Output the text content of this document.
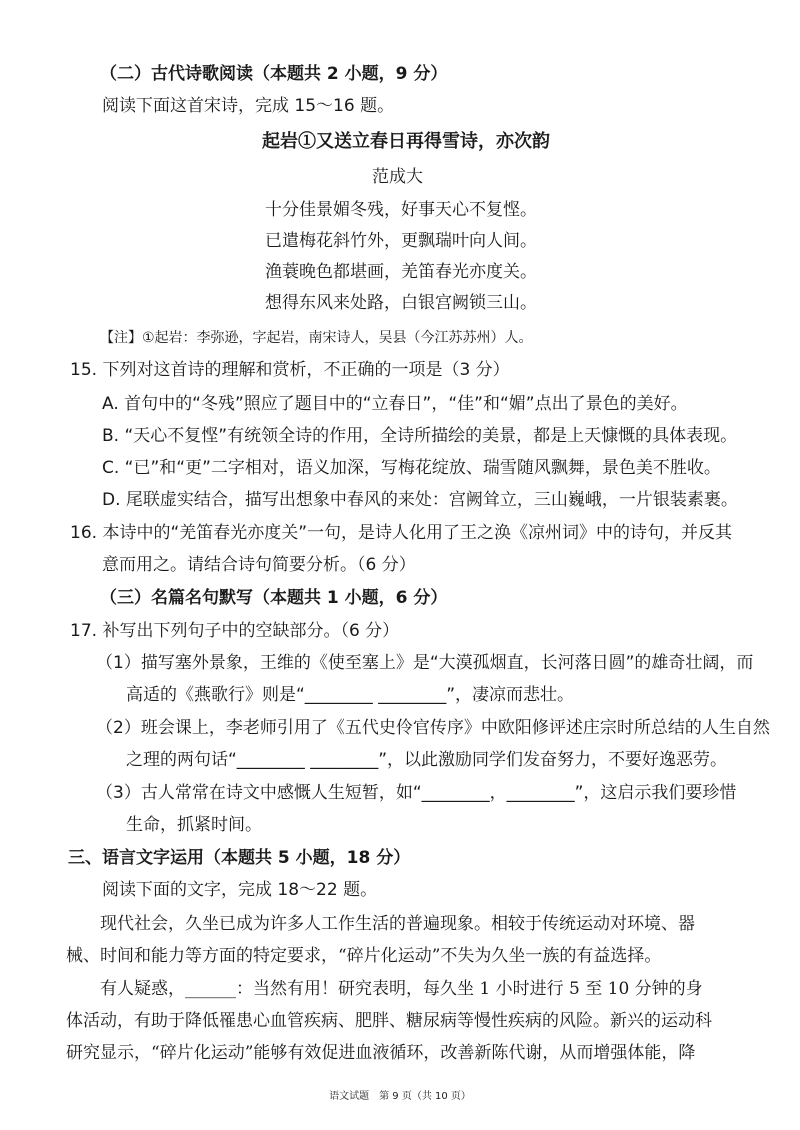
（二）古代诗歌阅读（本题共 2 小题，9 分）
阅读下面这首宋诗，完成 15～16 题。
起岩①又送立春日再得雪诗，亦次韵
范成大
十分佳景媚冬残，好事天心不复悭。
已遣梅花斜竹外，更飘瑞叶向人间。
渔蓑晚色都堪画，羌笛春光亦度关。
想得东风来处路，白银宫阙锁三山。
【注】①起岩：李弥逊，字起岩，南宋诗人，吴县（今江苏苏州）人。
15. 下列对这首诗的理解和赏析，不正确的一项是（3 分）
A. 首句中的“冬残”照应了题目中的“立春日”，“佳”和“媚”点出了景色的美好。
B. “天心不复悭”有统领全诗的作用，全诗所描绘的美景，都是上天慷慨的具体表现。
C. “已”和“更”二字相对，语义加深，写梅花绽放、瑞雪随风飘舞，景色美不胜收。
D. 尾联虚实结合，描写出想象中春风的来处：宫阙耸立，三山巍峨，一片银装素裹。
16. 本诗中的“羌笛春光亦度关”一句，是诗人化用了王之涣《凉州词》中的诗句，并反其
意而用之。请结合诗句简要分析。（6 分）
（三）名篇名句默写（本题共 1 小题，6 分）
17. 补写出下列句子中的空缺部分。（6 分）
（1）描写塞外景象，王维的《使至塞上》是“大漠孤烟直，长河落日圆”的雄奇壮阔，而
高适的《燕歌行》则是“________ ________”，凄凉而悲壮。
（2）班会课上，李老师引用了《五代史伶官传序》中欧阳修评述庄宗时所总结的人生自然
之理的两句话“________ ________”，以此激励同学们发奋努力，不要好逸恶劳。
（3）古人常常在诗文中感慨人生短暂，如“________，________”，这启示我们要珍惜
生命，抓紧时间。
三、语言文字运用（本题共 5 小题，18 分）
阅读下面的文字，完成 18～22 题。
现代社会，久坐已成为许多人工作生活的普遍现象。相较于传统运动对环境、器
械、时间和能力等方面的特定要求，“碎片化运动”不失为久坐一族的有益选择。
有人疑惑，______：当然有用！研究表明，每久坐 1 小时进行 5 至 10 分钟的身
体活动，有助于降低罹患心血管疾病、肥胖、糖尿病等慢性疾病的风险。新兴的运动科
研究显示，“碎片化运动”能够有效促进血液循环，改善新陈代谢，从而增强体能，降
语文试题　第 9 页（共 10 页）
